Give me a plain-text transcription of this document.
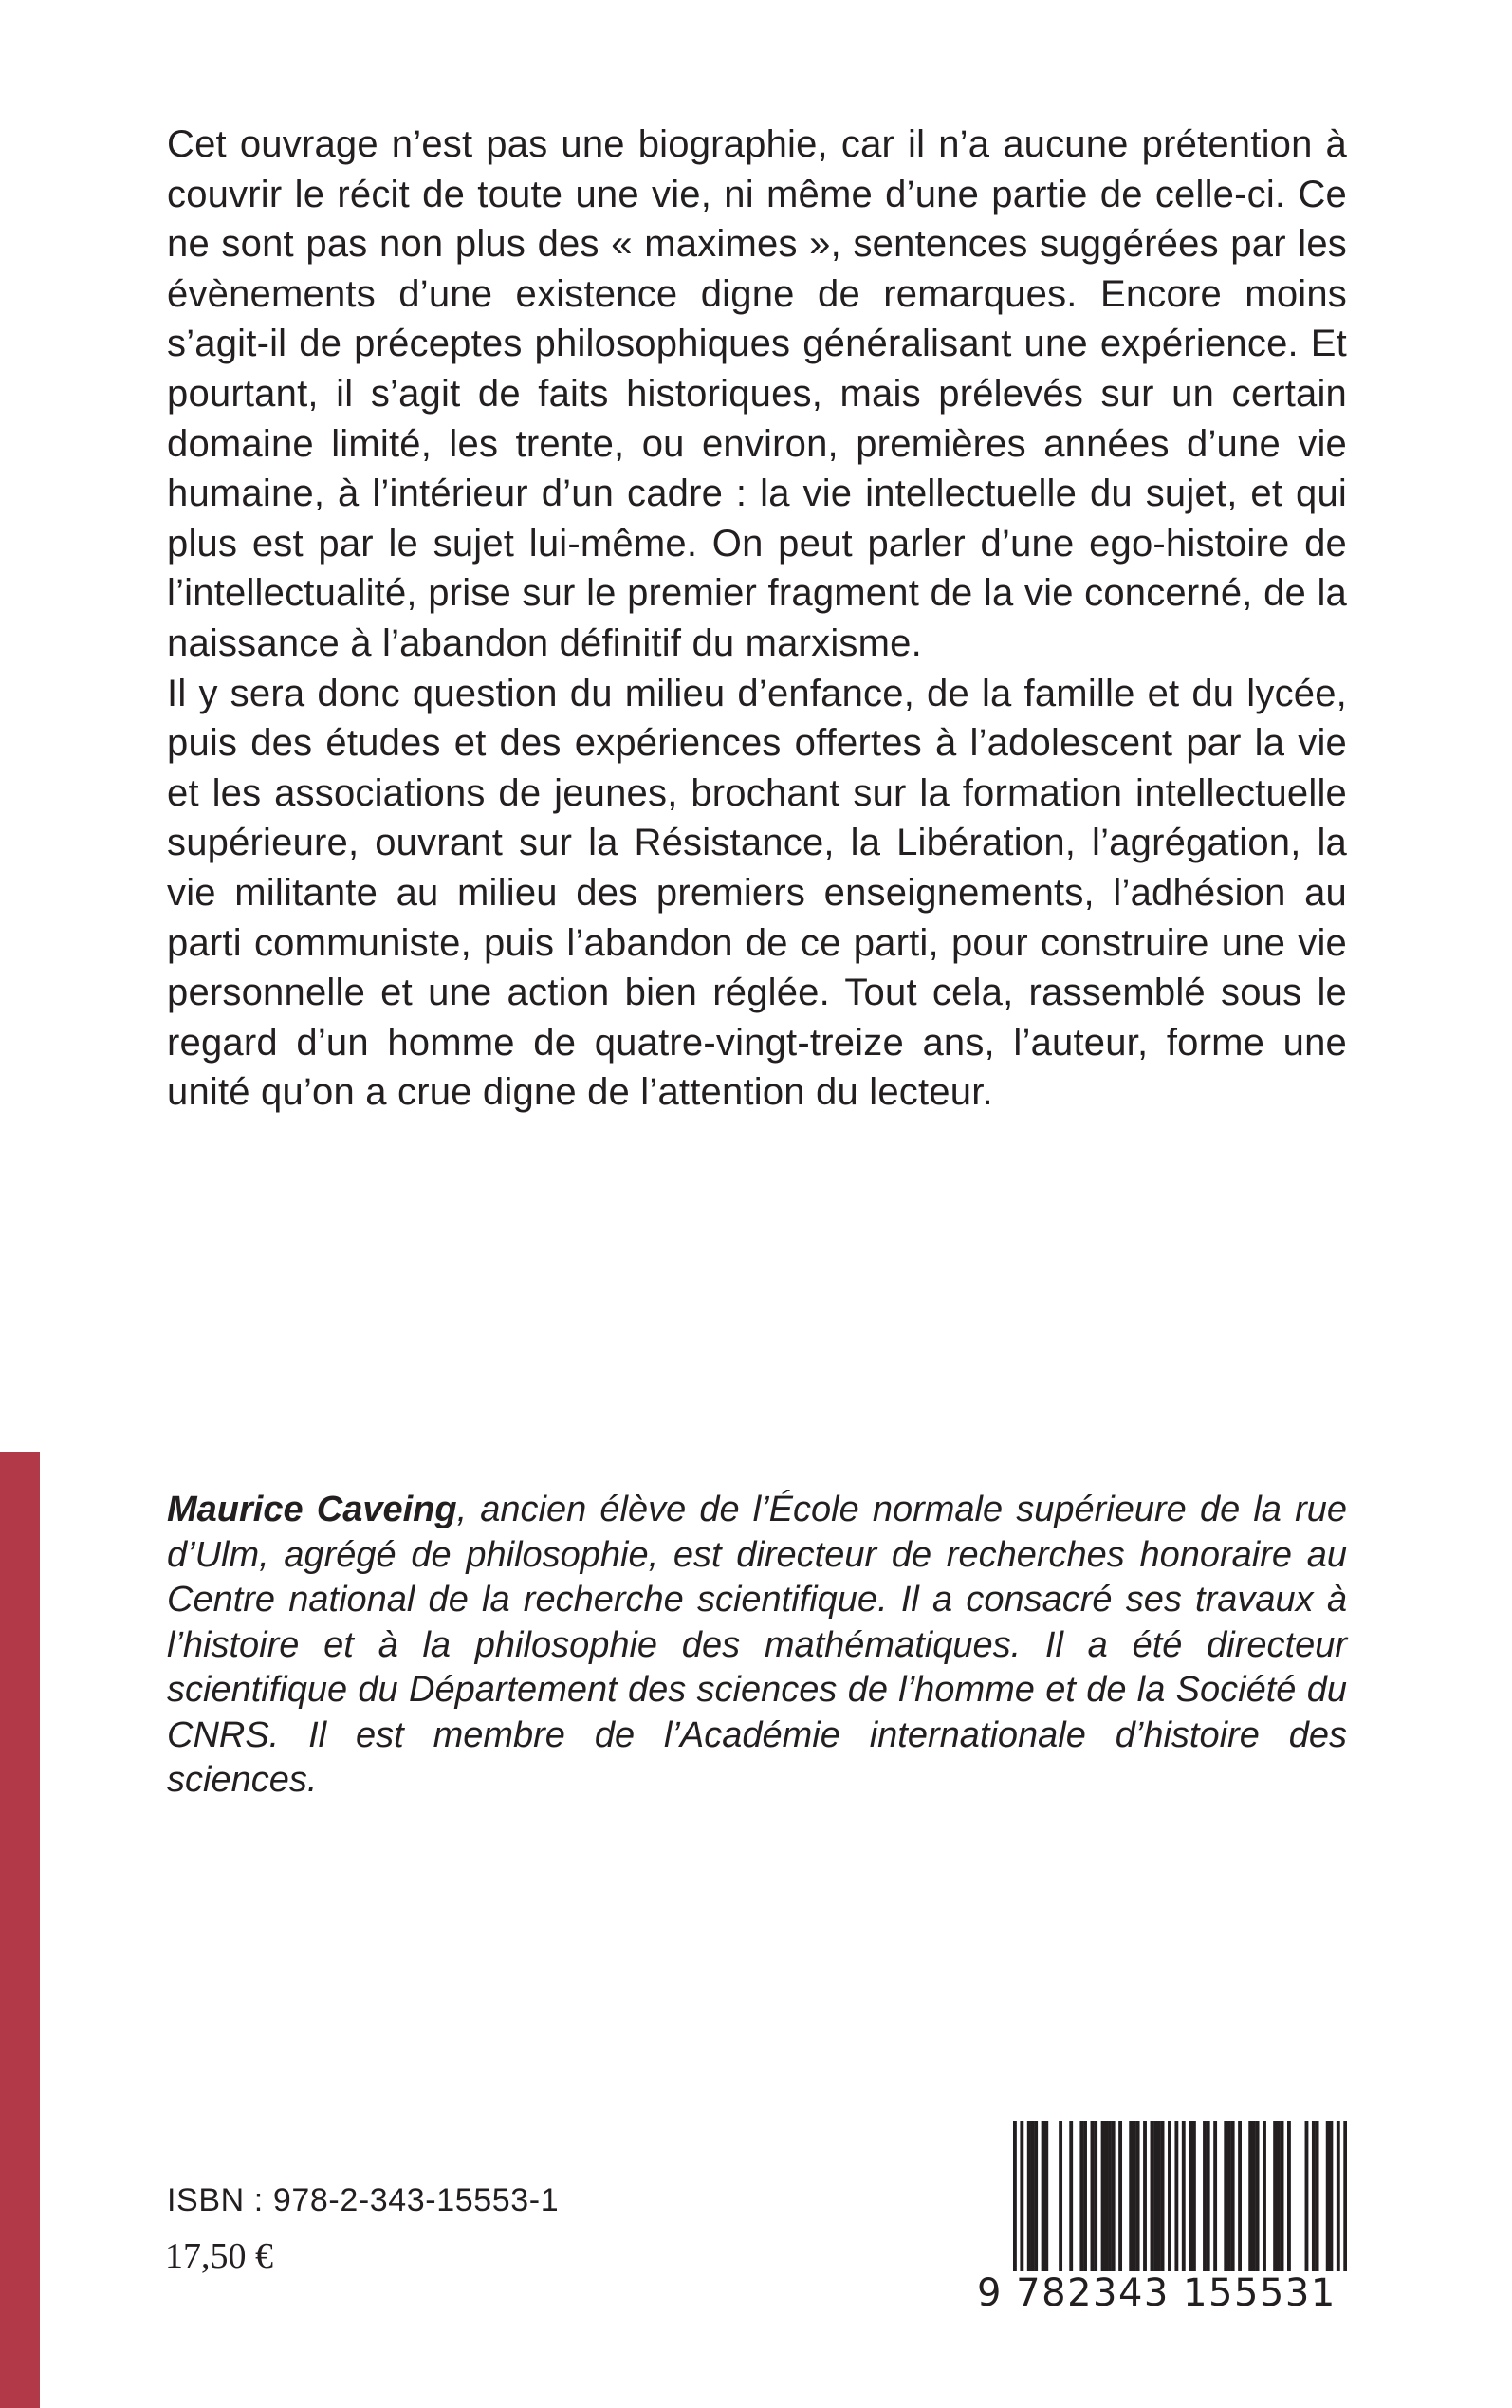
Cet ouvrage n’est pas une biographie, car il n’a aucune prétention à couvrir le récit de toute une vie, ni même d’une partie de celle-ci. Ce ne sont pas non plus des « maximes », sentences suggérées par les évènements d’une existence digne de remarques. Encore moins s’agit-il de préceptes philosophiques généralisant une expérience. Et pourtant, il s’agit de faits historiques, mais prélevés sur un certain domaine limité, les trente, ou environ, premières années d’une vie humaine, à l’intérieur d’un cadre : la vie intellectuelle du sujet, et qui plus est par le sujet lui-même. On peut parler d’une ego-histoire de l’intellectualité, prise sur le premier fragment de la vie concerné, de la naissance à l’abandon définitif du marxisme.

Il y sera donc question du milieu d’enfance, de la famille et du lycée, puis des études et des expériences offertes à l’adolescent par la vie et les associations de jeunes, brochant sur la formation intellectuelle supérieure, ouvrant sur la Résistance, la Libération, l’agrégation, la vie militante au milieu des premiers enseignements, l’adhésion au parti communiste, puis l’abandon de ce parti, pour construire une vie personnelle et une action bien réglée. Tout cela, rassemblé sous le regard d’un homme de quatre-vingt-treize ans, l’auteur, forme une unité qu’on a crue digne de l’attention du lecteur.

Maurice Caveing, ancien élève de l’École normale supérieure de la rue d’Ulm, agrégé de philosophie, est directeur de recherches honoraire au Centre national de la recherche scientifique. Il a consacré ses travaux à l’histoire et à la philosophie des mathématiques. Il a été directeur scientifique du Département des sciences de l’homme et de la Société du CNRS. Il est membre de l’Académie internationale d’histoire des sciences.

ISBN : 978-2-343-15553-1
17,50 €
9 782343 155531
